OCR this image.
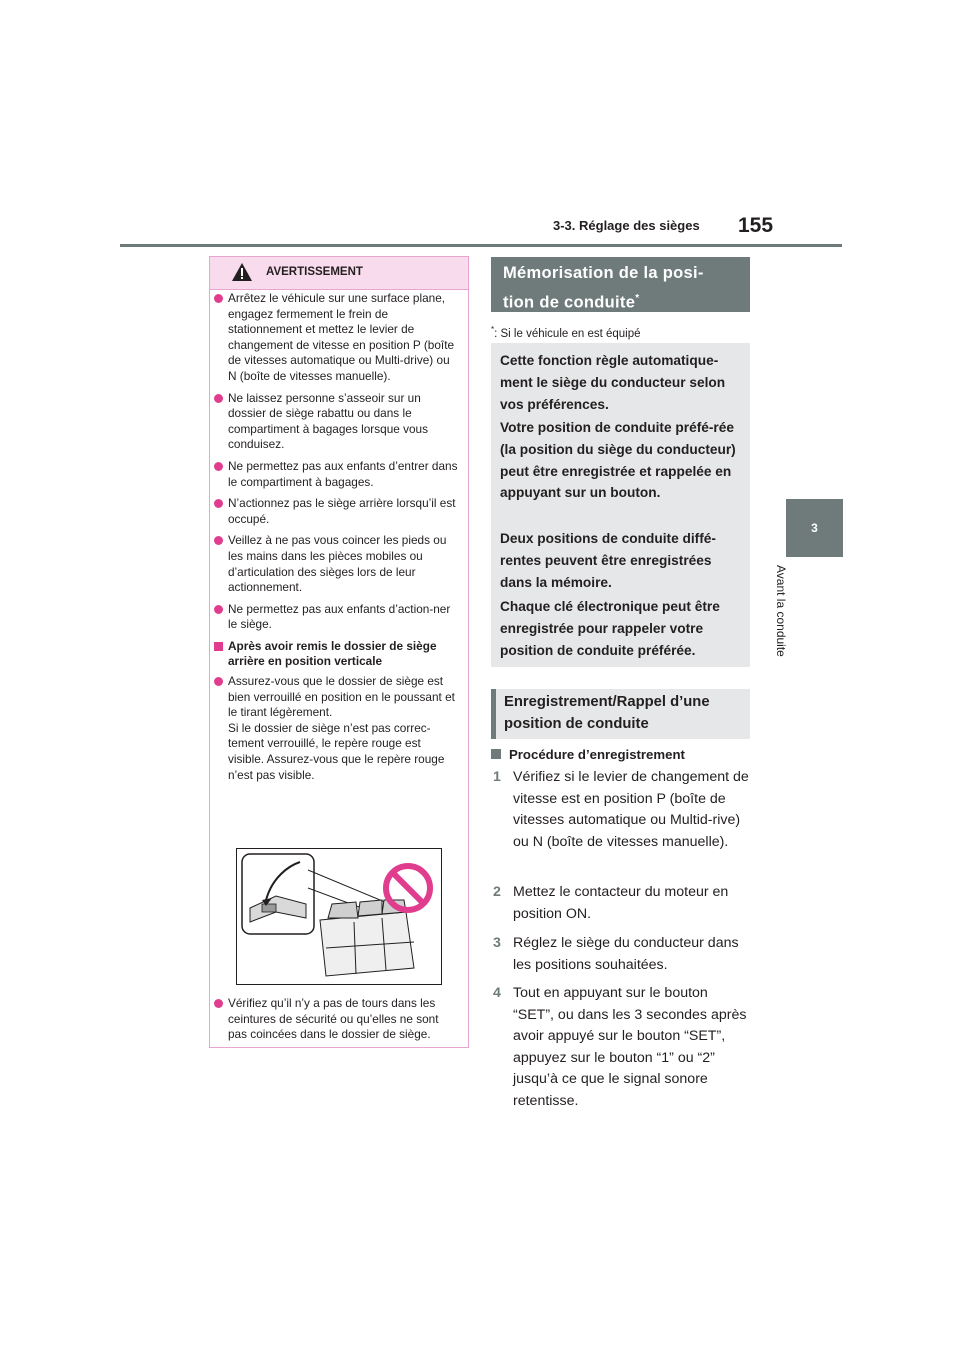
3-3. Réglage des sièges 155
3
Avant la conduite
AVERTISSEMENT

Arrêtez le véhicule sur une surface plane, engagez fermement le frein de stationnement et mettez le levier de changement de vitesse en position P (boîte de vitesses automatique ou Multi-drive) ou N (boîte de vitesses manuelle).

Ne laissez personne s’asseoir sur un dossier de siège rabattu ou dans le compartiment à bagages lorsque vous conduisez.

Ne permettez pas aux enfants d’entrer dans le compartiment à bagages.

N’actionnez pas le siège arrière lorsqu’il est occupé.

Veillez à ne pas vous coincer les pieds ou les mains dans les pièces mobiles ou d’articulation des sièges lors de leur actionnement.

Ne permettez pas aux enfants d’action-ner le siège.

Après avoir remis le dossier de siège arrière en position verticale

Assurez-vous que le dossier de siège est bien verrouillé en position en le poussant et le tirant légèrement.

Si le dossier de siège n’est pas correc-tement verrouillé, le repère rouge est visible. Assurez-vous que le repère rouge n’est pas visible.

Vérifiez qu’il n’y a pas de tours dans les ceintures de sécurité ou qu’elles ne sont pas coincées dans le dossier de siège.

Mémorisation de la posi-
tion de conduite*
*: Si le véhicule en est équipé
Cette fonction règle automatique-ment le siège du conducteur selon vos préférences.
Votre position de conduite préfé-rée (la position du siège du conducteur) peut être enregistrée et rappelée en appuyant sur un bouton.
Deux positions de conduite diffé-rentes peuvent être enregistrées dans la mémoire.
Chaque clé électronique peut être enregistrée pour rappeler votre position de conduite préférée.
Enregistrement/Rappel d’une
position de conduite
Procédure d’enregistrement
1 Vérifiez si le levier de changement de vitesse est en position P (boîte de vitesses automatique ou Multid-rive) ou N (boîte de vitesses manuelle).
2 Mettez le contacteur du moteur en position ON.
3 Réglez le siège du conducteur dans les positions souhaitées.
4 Tout en appuyant sur le bouton “SET”, ou dans les 3 secondes après avoir appuyé sur le bouton “SET”, appuyez sur le bouton “1” ou “2” jusqu’à ce que le signal sonore retentisse.
